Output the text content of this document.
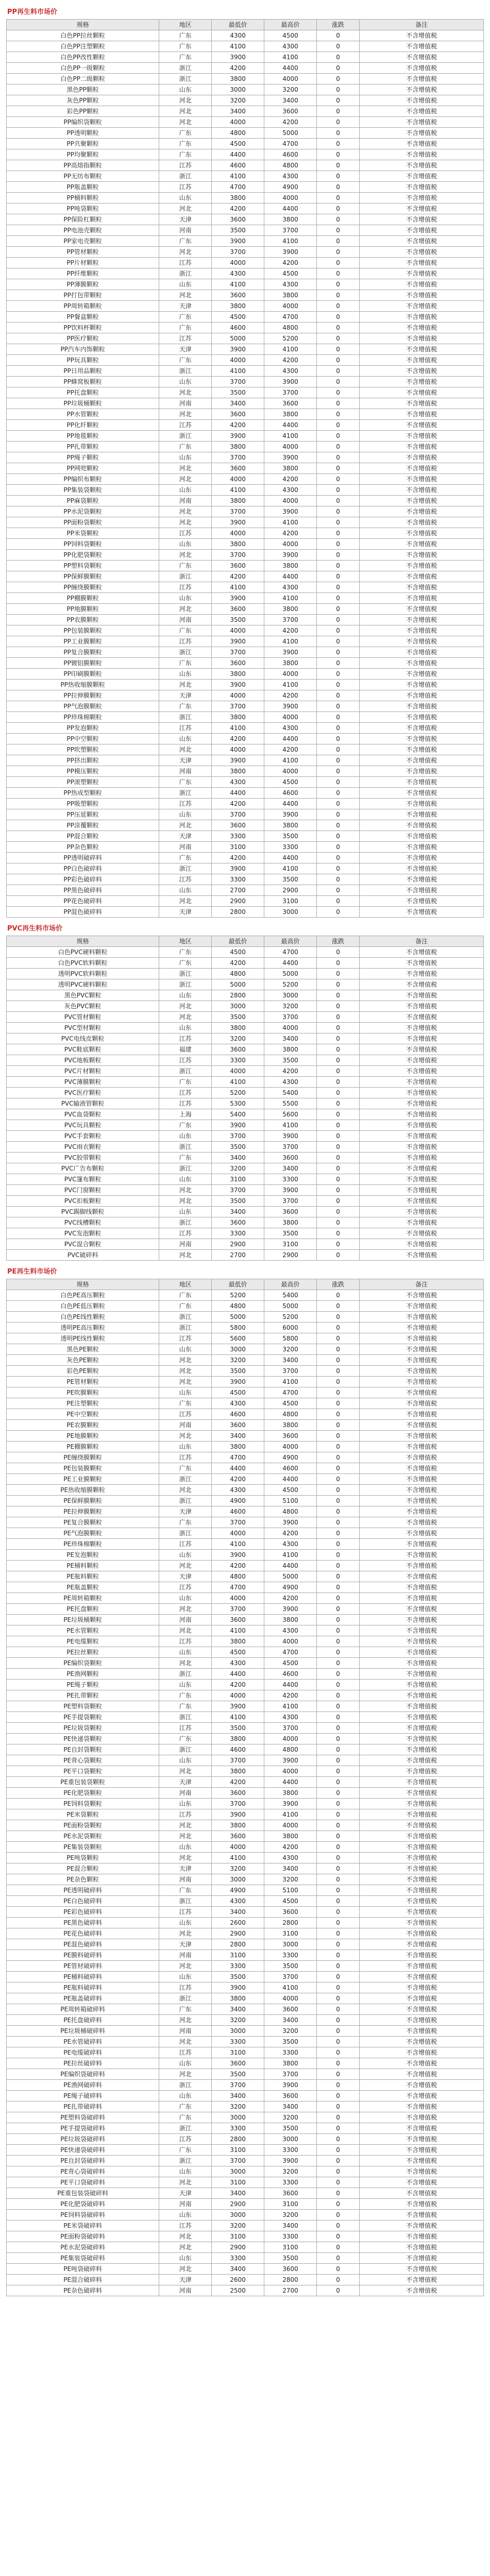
PP再生料市场价
规格	地区	最低价	最高价	涨跌	备注
白色PP拉丝颗粒	广东	4300	4500	0	不含增值税
白色PP注塑颗粒	广东	4100	4300	0	不含增值税
白色PP改性颗粒	广东	3900	4100	0	不含增值税
白色PP一级颗粒	浙江	4200	4400	0	不含增值税
白色PP二级颗粒	浙江	3800	4000	0	不含增值税
黑色PP颗粒	山东	3000	3200	0	不含增值税
灰色PP颗粒	河北	3200	3400	0	不含增值税
彩色PP颗粒	河北	3400	3600	0	不含增值税
PP编织袋颗粒	河北	4000	4200	0	不含增值税
PP透明颗粒	广东	4800	5000	0	不含增值税
PP共聚颗粒	广东	4500	4700	0	不含增值税
PP均聚颗粒	广东	4400	4600	0	不含增值税
PP高熔指颗粒	江苏	4600	4800	0	不含增值税
PP无纺布颗粒	浙江	4100	4300	0	不含增值税
PP瓶盖颗粒	江苏	4700	4900	0	不含增值税
PP桶料颗粒	山东	3800	4000	0	不含增值税
PP吨袋颗粒	河北	4200	4400	0	不含增值税
PP保险杠颗粒	天津	3600	3800	0	不含增值税
PP电池壳颗粒	河南	3500	3700	0	不含增值税
PP家电壳颗粒	广东	3900	4100	0	不含增值税
PP管材颗粒	河北	3700	3900	0	不含增值税
PP片材颗粒	江苏	4000	4200	0	不含增值税
PP纤维颗粒	浙江	4300	4500	0	不含增值税
PP薄膜颗粒	山东	4100	4300	0	不含增值税
PP打包带颗粒	河北	3600	3800	0	不含增值税
PP周转箱颗粒	天津	3800	4000	0	不含增值税
PP餐盒颗粒	广东	4500	4700	0	不含增值税
PP饮料杯颗粒	广东	4600	4800	0	不含增值税
PP医疗颗粒	江苏	5000	5200	0	不含增值税
PP汽车内饰颗粒	天津	3900	4100	0	不含增值税
PP玩具颗粒	广东	4000	4200	0	不含增值税
PP日用品颗粒	浙江	4100	4300	0	不含增值税
PP蜂窝板颗粒	山东	3700	3900	0	不含增值税
PP托盘颗粒	河北	3500	3700	0	不含增值税
PP垃圾桶颗粒	河南	3400	3600	0	不含增值税
PP水管颗粒	河北	3600	3800	0	不含增值税
PP化纤颗粒	江苏	4200	4400	0	不含增值税
PP地毯颗粒	浙江	3900	4100	0	不含增值税
PP扎带颗粒	广东	3800	4000	0	不含增值税
PP绳子颗粒	山东	3700	3900	0	不含增值税
PP网兜颗粒	河北	3600	3800	0	不含增值税
PP编织布颗粒	河北	4000	4200	0	不含增值税
PP集装袋颗粒	山东	4100	4300	0	不含增值税
PP麻袋颗粒	河南	3800	4000	0	不含增值税
PP水泥袋颗粒	河北	3700	3900	0	不含增值税
PP面粉袋颗粒	河北	3900	4100	0	不含增值税
PP米袋颗粒	江苏	4000	4200	0	不含增值税
PP饲料袋颗粒	山东	3800	4000	0	不含增值税
PP化肥袋颗粒	河北	3700	3900	0	不含增值税
PP塑料袋颗粒	广东	3600	3800	0	不含增值税
PP保鲜膜颗粒	浙江	4200	4400	0	不含增值税
PP缠绕膜颗粒	江苏	4100	4300	0	不含增值税
PP棚膜颗粒	山东	3900	4100	0	不含增值税
PP地膜颗粒	河北	3600	3800	0	不含增值税
PP农膜颗粒	河南	3500	3700	0	不含增值税
PP包装膜颗粒	广东	4000	4200	0	不含增值税
PP工业膜颗粒	江苏	3900	4100	0	不含增值税
PP复合膜颗粒	浙江	3700	3900	0	不含增值税
PP镀铝膜颗粒	广东	3600	3800	0	不含增值税
PP印刷膜颗粒	山东	3800	4000	0	不含增值税
PP热收缩膜颗粒	河北	3900	4100	0	不含增值税
PP拉伸膜颗粒	天津	4000	4200	0	不含增值税
PP气泡膜颗粒	广东	3700	3900	0	不含增值税
PP珍珠棉颗粒	浙江	3800	4000	0	不含增值税
PP发泡颗粒	江苏	4100	4300	0	不含增值税
PP中空颗粒	山东	4200	4400	0	不含增值税
PP吹塑颗粒	河北	4000	4200	0	不含增值税
PP挤出颗粒	天津	3900	4100	0	不含增值税
PP模压颗粒	河南	3800	4000	0	不含增值税
PP滚塑颗粒	广东	4300	4500	0	不含增值税
PP热成型颗粒	浙江	4400	4600	0	不含增值税
PP吸塑颗粒	江苏	4200	4400	0	不含增值税
PP压延颗粒	山东	3700	3900	0	不含增值税
PP涂覆颗粒	河北	3600	3800	0	不含增值税
PP混合颗粒	天津	3300	3500	0	不含增值税
PP杂色颗粒	河南	3100	3300	0	不含增值税
PP透明破碎料	广东	4200	4400	0	不含增值税
PP白色破碎料	浙江	3900	4100	0	不含增值税
PP彩色破碎料	江苏	3300	3500	0	不含增值税
PP黑色破碎料	山东	2700	2900	0	不含增值税
PP花色破碎料	河北	2900	3100	0	不含增值税
PP混色破碎料	天津	2800	3000	0	不含增值税
PVC再生料市场价
规格	地区	最低价	最高价	涨跌	备注
白色PVC硬料颗粒	广东	4500	4700	0	不含增值税
白色PVC软料颗粒	广东	4200	4400	0	不含增值税
透明PVC软料颗粒	浙江	4800	5000	0	不含增值税
透明PVC硬料颗粒	浙江	5000	5200	0	不含增值税
黑色PVC颗粒	山东	2800	3000	0	不含增值税
灰色PVC颗粒	河北	3000	3200	0	不含增值税
PVC管材颗粒	河北	3500	3700	0	不含增值税
PVC型材颗粒	山东	3800	4000	0	不含增值税
PVC电线皮颗粒	江苏	3200	3400	0	不含增值税
PVC鞋底颗粒	福建	3600	3800	0	不含增值税
PVC地板颗粒	江苏	3300	3500	0	不含增值税
PVC片材颗粒	浙江	4000	4200	0	不含增值税
PVC薄膜颗粒	广东	4100	4300	0	不含增值税
PVC医疗颗粒	江苏	5200	5400	0	不含增值税
PVC输液管颗粒	江苏	5300	5500	0	不含增值税
PVC血袋颗粒	上海	5400	5600	0	不含增值税
PVC玩具颗粒	广东	3900	4100	0	不含增值税
PVC手套颗粒	山东	3700	3900	0	不含增值税
PVC雨衣颗粒	浙江	3500	3700	0	不含增值税
PVC胶带颗粒	广东	3400	3600	0	不含增值税
PVC广告布颗粒	浙江	3200	3400	0	不含增值税
PVC篷布颗粒	山东	3100	3300	0	不含增值税
PVC门窗颗粒	河北	3700	3900	0	不含增值税
PVC扣板颗粒	河北	3500	3700	0	不含增值税
PVC踢脚线颗粒	山东	3400	3600	0	不含增值税
PVC线槽颗粒	浙江	3600	3800	0	不含增值税
PVC发泡颗粒	江苏	3300	3500	0	不含增值税
PVC混合颗粒	河南	2900	3100	0	不含增值税
PVC破碎料	河北	2700	2900	0	不含增值税
PE再生料市场价
规格	地区	最低价	最高价	涨跌	备注
白色PE高压颗粒	广东	5200	5400	0	不含增值税
白色PE低压颗粒	广东	4800	5000	0	不含增值税
白色PE线性颗粒	浙江	5000	5200	0	不含增值税
透明PE高压颗粒	浙江	5800	6000	0	不含增值税
透明PE线性颗粒	江苏	5600	5800	0	不含增值税
黑色PE颗粒	山东	3000	3200	0	不含增值税
灰色PE颗粒	河北	3200	3400	0	不含增值税
彩色PE颗粒	河北	3500	3700	0	不含增值税
PE管材颗粒	河北	3900	4100	0	不含增值税
PE吹膜颗粒	山东	4500	4700	0	不含增值税
PE注塑颗粒	广东	4300	4500	0	不含增值税
PE中空颗粒	江苏	4600	4800	0	不含增值税
PE农膜颗粒	河南	3600	3800	0	不含增值税
PE地膜颗粒	河北	3400	3600	0	不含增值税
PE棚膜颗粒	山东	3800	4000	0	不含增值税
PE缠绕膜颗粒	江苏	4700	4900	0	不含增值税
PE包装膜颗粒	广东	4400	4600	0	不含增值税
PE工业膜颗粒	浙江	4200	4400	0	不含增值税
PE热收缩膜颗粒	河北	4300	4500	0	不含增值税
PE保鲜膜颗粒	浙江	4900	5100	0	不含增值税
PE拉伸膜颗粒	天津	4600	4800	0	不含增值税
PE复合膜颗粒	广东	3700	3900	0	不含增值税
PE气泡膜颗粒	浙江	4000	4200	0	不含增值税
PE珍珠棉颗粒	江苏	4100	4300	0	不含增值税
PE发泡颗粒	山东	3900	4100	0	不含增值税
PE桶料颗粒	河北	4200	4400	0	不含增值税
PE瓶料颗粒	天津	4800	5000	0	不含增值税
PE瓶盖颗粒	江苏	4700	4900	0	不含增值税
PE周转箱颗粒	山东	4000	4200	0	不含增值税
PE托盘颗粒	河北	3700	3900	0	不含增值税
PE垃圾桶颗粒	河南	3600	3800	0	不含增值税
PE水管颗粒	河北	4100	4300	0	不含增值税
PE电缆颗粒	江苏	3800	4000	0	不含增值税
PE拉丝颗粒	山东	4500	4700	0	不含增值税
PE编织袋颗粒	河北	4300	4500	0	不含增值税
PE渔网颗粒	浙江	4400	4600	0	不含增值税
PE绳子颗粒	山东	4200	4400	0	不含增值税
PE扎带颗粒	广东	4000	4200	0	不含增值税
PE塑料袋颗粒	广东	3900	4100	0	不含增值税
PE手提袋颗粒	浙江	4100	4300	0	不含增值税
PE垃圾袋颗粒	江苏	3500	3700	0	不含增值税
PE快递袋颗粒	广东	3800	4000	0	不含增值税
PE自封袋颗粒	浙江	4600	4800	0	不含增值税
PE背心袋颗粒	山东	3700	3900	0	不含增值税
PE平口袋颗粒	河北	3800	4000	0	不含增值税
PE重包装袋颗粒	天津	4200	4400	0	不含增值税
PE化肥袋颗粒	河南	3600	3800	0	不含增值税
PE饲料袋颗粒	山东	3700	3900	0	不含增值税
PE米袋颗粒	江苏	3900	4100	0	不含增值税
PE面粉袋颗粒	河北	3800	4000	0	不含增值税
PE水泥袋颗粒	河北	3600	3800	0	不含增值税
PE集装袋颗粒	山东	4000	4200	0	不含增值税
PE吨袋颗粒	河北	4100	4300	0	不含增值税
PE混合颗粒	天津	3200	3400	0	不含增值税
PE杂色颗粒	河南	3000	3200	0	不含增值税
PE透明破碎料	广东	4900	5100	0	不含增值税
PE白色破碎料	浙江	4300	4500	0	不含增值税
PE彩色破碎料	江苏	3400	3600	0	不含增值税
PE黑色破碎料	山东	2600	2800	0	不含增值税
PE花色破碎料	河北	2900	3100	0	不含增值税
PE混色破碎料	天津	2800	3000	0	不含增值税
PE膜料破碎料	河南	3100	3300	0	不含增值税
PE管材破碎料	河北	3300	3500	0	不含增值税
PE桶料破碎料	山东	3500	3700	0	不含增值税
PE瓶料破碎料	江苏	3900	4100	0	不含增值税
PE瓶盖破碎料	浙江	3800	4000	0	不含增值税
PE周转箱破碎料	广东	3400	3600	0	不含增值税
PE托盘破碎料	河北	3200	3400	0	不含增值税
PE垃圾桶破碎料	河南	3000	3200	0	不含增值税
PE水管破碎料	河北	3300	3500	0	不含增值税
PE电缆破碎料	江苏	3100	3300	0	不含增值税
PE拉丝破碎料	山东	3600	3800	0	不含增值税
PE编织袋破碎料	河北	3500	3700	0	不含增值税
PE渔网破碎料	浙江	3700	3900	0	不含增值税
PE绳子破碎料	山东	3400	3600	0	不含增值税
PE扎带破碎料	广东	3200	3400	0	不含增值税
PE塑料袋破碎料	广东	3000	3200	0	不含增值税
PE手提袋破碎料	浙江	3300	3500	0	不含增值税
PE垃圾袋破碎料	江苏	2800	3000	0	不含增值税
PE快递袋破碎料	广东	3100	3300	0	不含增值税
PE自封袋破碎料	浙江	3700	3900	0	不含增值税
PE背心袋破碎料	山东	3000	3200	0	不含增值税
PE平口袋破碎料	河北	3100	3300	0	不含增值税
PE重包装袋破碎料	天津	3400	3600	0	不含增值税
PE化肥袋破碎料	河南	2900	3100	0	不含增值税
PE饲料袋破碎料	山东	3000	3200	0	不含增值税
PE米袋破碎料	江苏	3200	3400	0	不含增值税
PE面粉袋破碎料	河北	3100	3300	0	不含增值税
PE水泥袋破碎料	河北	2900	3100	0	不含增值税
PE集装袋破碎料	山东	3300	3500	0	不含增值税
PE吨袋破碎料	河北	3400	3600	0	不含增值税
PE混合破碎料	天津	2600	2800	0	不含增值税
PE杂色破碎料	河南	2500	2700	0	不含增值税
